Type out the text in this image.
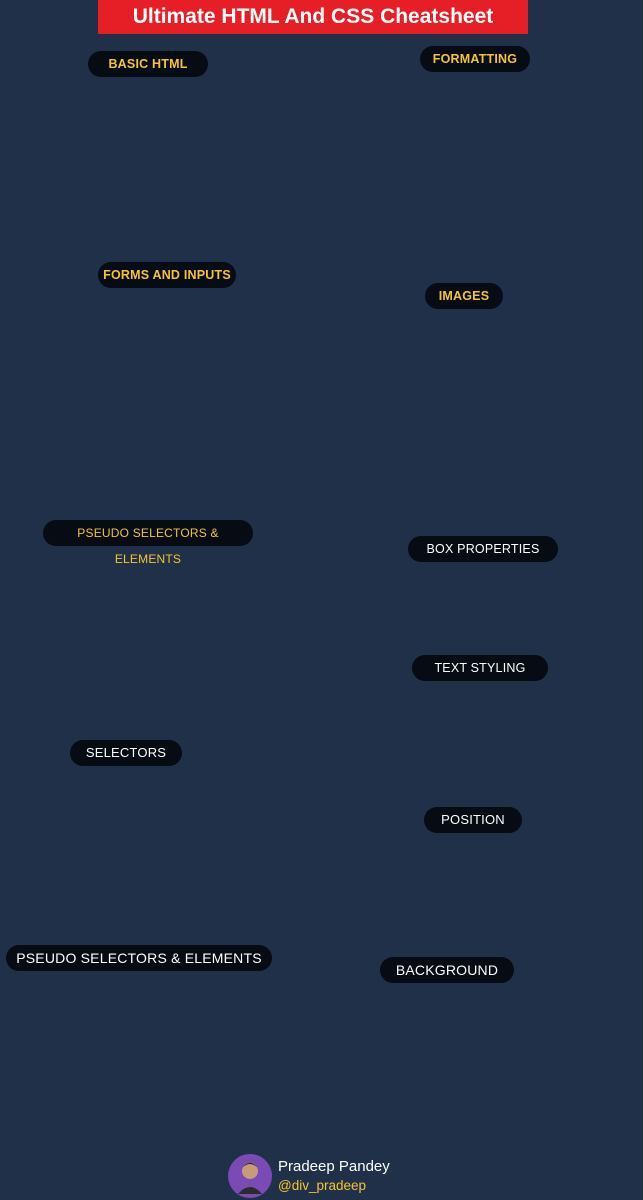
Ultimate HTML And CSS Cheatsheet
BASIC HTML	FORMATTING
FORMS AND INPUTS
IMAGES
PSEUDO SELECTORS & ELEMENTS
BOX PROPERTIES
TEXT STYLING
SELECTORS
POSITION
PSEUDO SELECTORS & ELEMENTS
BACKGROUND
Pradeep Pandey
@div_pradeep
